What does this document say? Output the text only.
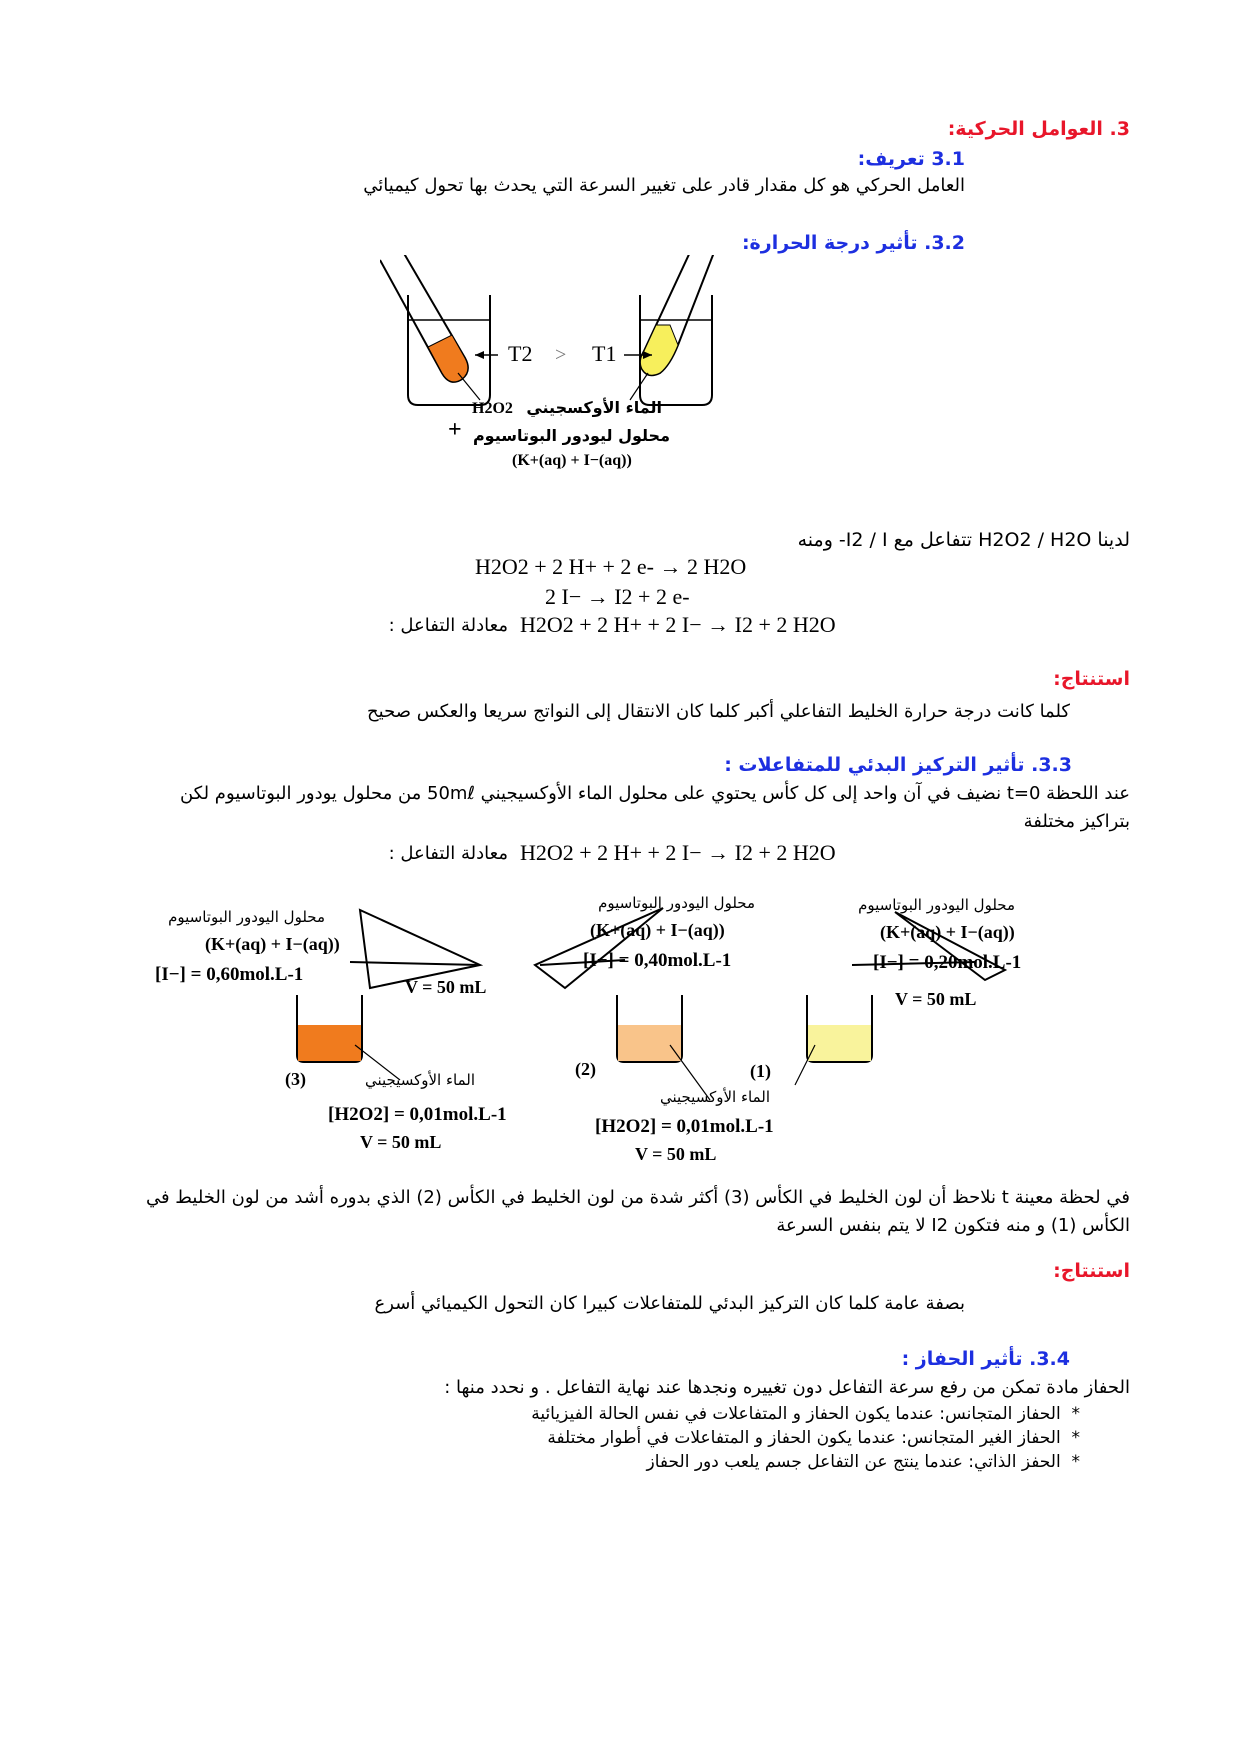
3. العوامل الحركية:
3.1 تعريف:
العامل الحركي هو كل مقدار قادر على تغيير السرعة التي يحدث بها تحول كيميائي
3.2. تأثير درجة الحرارة:
T2 > T1
H2O2 الماء الأوكسجيني
+ محلول ليودور البوتاسيوم
(K+(aq) + I−(aq))
لدينا H2O2 / H2O تتفاعل مع I2 / I- ومنه
H2O2 + 2 H+ + 2 e- → 2 H2O
2 I− → I2 + 2 e-
معادلة التفاعل : H2O2 + 2 H+ + 2 I− → I2 + 2 H2O
استنتاج:
كلما كانت درجة حرارة الخليط التفاعلي أكبر كلما كان الانتقال إلى النواتج سريعا والعكس صحيح
3.3. تأثير التركيز البدئي للمتفاعلات :
عند اللحظة t=0 نضيف في آن واحد إلى كل كأس يحتوي على محلول الماء الأوكسيجيني 50mℓ من محلول يودور البوتاسيوم لكن بتراكيز مختلفة
معادلة التفاعل : H2O2 + 2 H+ + 2 I− → I2 + 2 H2O
محلول اليودور البوتاسيوم
(K+(aq) + I−(aq))
[I−] = 0,60mol.L-1
(3)
محلول اليودور البوتاسيوم
(K+(aq) + I−(aq))
[I−] = 0,40mol.L-1
(2)
محلول اليودور البوتاسيوم
(K+(aq) + I−(aq))
[I−] = 0,20mol.L-1
V = 50 mL
(1)
V = 50 mL
الماء الأوكسيجيني
[H2O2] = 0,01mol.L-1
V = 50 mL
الماء الأوكسيجيني
[H2O2] = 0,01mol.L-1
V = 50 mL
في لحظة معينة t نلاحظ أن لون الخليط في الكأس (3) أكثر شدة من لون الخليط في الكأس (2) الذي بدوره أشد من لون الخليط في الكأس (1) و منه فتكون I2 لا يتم بنفس السرعة
استنتاج:
بصفة عامة كلما كان التركيز البدئي للمتفاعلات كبيرا كان التحول الكيميائي أسرع
3.4. تأثير الحفاز :
الحفاز مادة تمكن من رفع سرعة التفاعل دون تغييره ونجدها عند نهاية التفاعل . و نحدد منها :
*  الحفاز المتجانس: عندما يكون الحفاز و المتفاعلات في نفس الحالة الفيزيائية
*  الحفاز الغير المتجانس: عندما يكون الحفاز و المتفاعلات في أطوار مختلفة
*  الحفز الذاتي: عندما ينتج عن التفاعل جسم يلعب دور الحفاز
